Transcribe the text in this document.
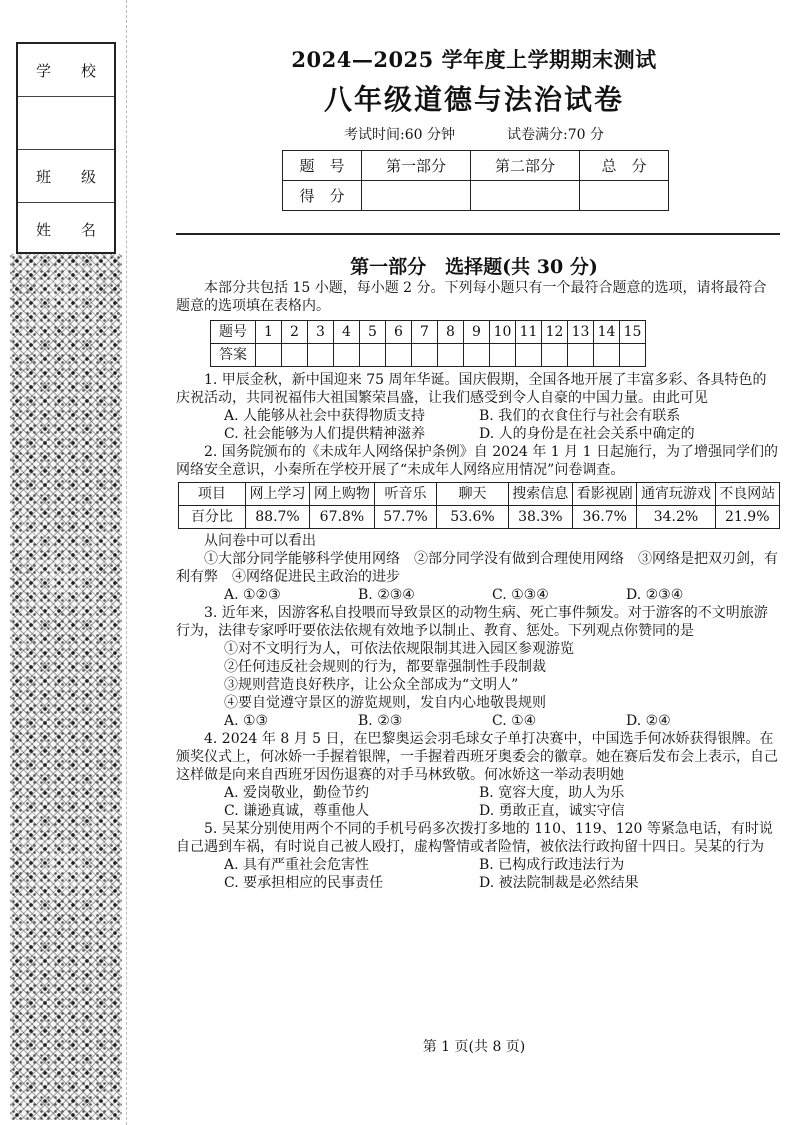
学 校
班 级
姓 名
2024—2025 学年度上学期期末测试
八年级道德与法治试卷
考试时间:60 分钟	试卷满分:70 分
题　号	第一部分	第二部分	总　分
得　分			
第一部分　选择题(共 30 分)

本部分共包括 15 小题，每小题 2 分。下列每小题只有一个最符合题意的选项，请将最符合题意的选项填在表格内。

题号	1	2	3	4	5	6	7	8	9	10	11	12	13	14	15
答案															

1. 甲辰金秋，新中国迎来 75 周年华诞。国庆假期，全国各地开展了丰富多彩、各具特色的庆祝活动，共同祝福伟大祖国繁荣昌盛，让我们感受到令人自豪的中国力量。由此可见

A. 人能够从社会中获得物质支持	B. 我们的衣食住行与社会有联系
C. 社会能够为人们提供精神滋养	D. 人的身份是在社会关系中确定的

2. 国务院颁布的《未成年人网络保护条例》自 2024 年 1 月 1 日起施行，为了增强同学们的网络安全意识，小秦所在学校开展了“未成年人网络应用情况”问卷调查。

项目	网上学习	网上购物	听音乐	聊天	搜索信息	看影视剧	通宵玩游戏	不良网站
百分比	88.7%	67.8%	57.7%	53.6%	38.3%	36.7%	34.2%	21.9%

从问卷中可以看出

①大部分同学能够科学使用网络　②部分同学没有做到合理使用网络　③网络是把双刃剑，有利有弊　④网络促进民主政治的进步

A. ①②③	B. ②③④	C. ①③④	D. ②③④

3. 近年来，因游客私自投喂而导致景区的动物生病、死亡事件频发。对于游客的不文明旅游行为，法律专家呼吁要依法依规有效地予以制止、教育、惩处。下列观点你赞同的是

①对不文明行为人，可依法依规限制其进入园区参观游览

②任何违反社会规则的行为，都要靠强制性手段制裁

③规则营造良好秩序，让公众全部成为“文明人”

④要自觉遵守景区的游览规则，发自内心地敬畏规则

A. ①③	B. ②③	C. ①④	D. ②④

4. 2024 年 8 月 5 日，在巴黎奥运会羽毛球女子单打决赛中，中国选手何冰娇获得银牌。在颁奖仪式上，何冰娇一手握着银牌，一手握着西班牙奥委会的徽章。她在赛后发布会上表示，自己这样做是向来自西班牙因伤退赛的对手马林致敬。何冰娇这一举动表明她

A. 爱岗敬业，勤俭节约	B. 宽容大度，助人为乐
C. 谦逊真诚，尊重他人	D. 勇敢正直，诚实守信

5. 吴某分别使用两个不同的手机号码多次拨打多地的 110、119、120 等紧急电话，有时说自己遇到车祸，有时说自己被人殴打，虚构警情或者险情，被依法行政拘留十四日。吴某的行为

A. 具有严重社会危害性	B. 已构成行政违法行为
C. 要承担相应的民事责任	D. 被法院制裁是必然结果
第 1 页(共 8 页)
